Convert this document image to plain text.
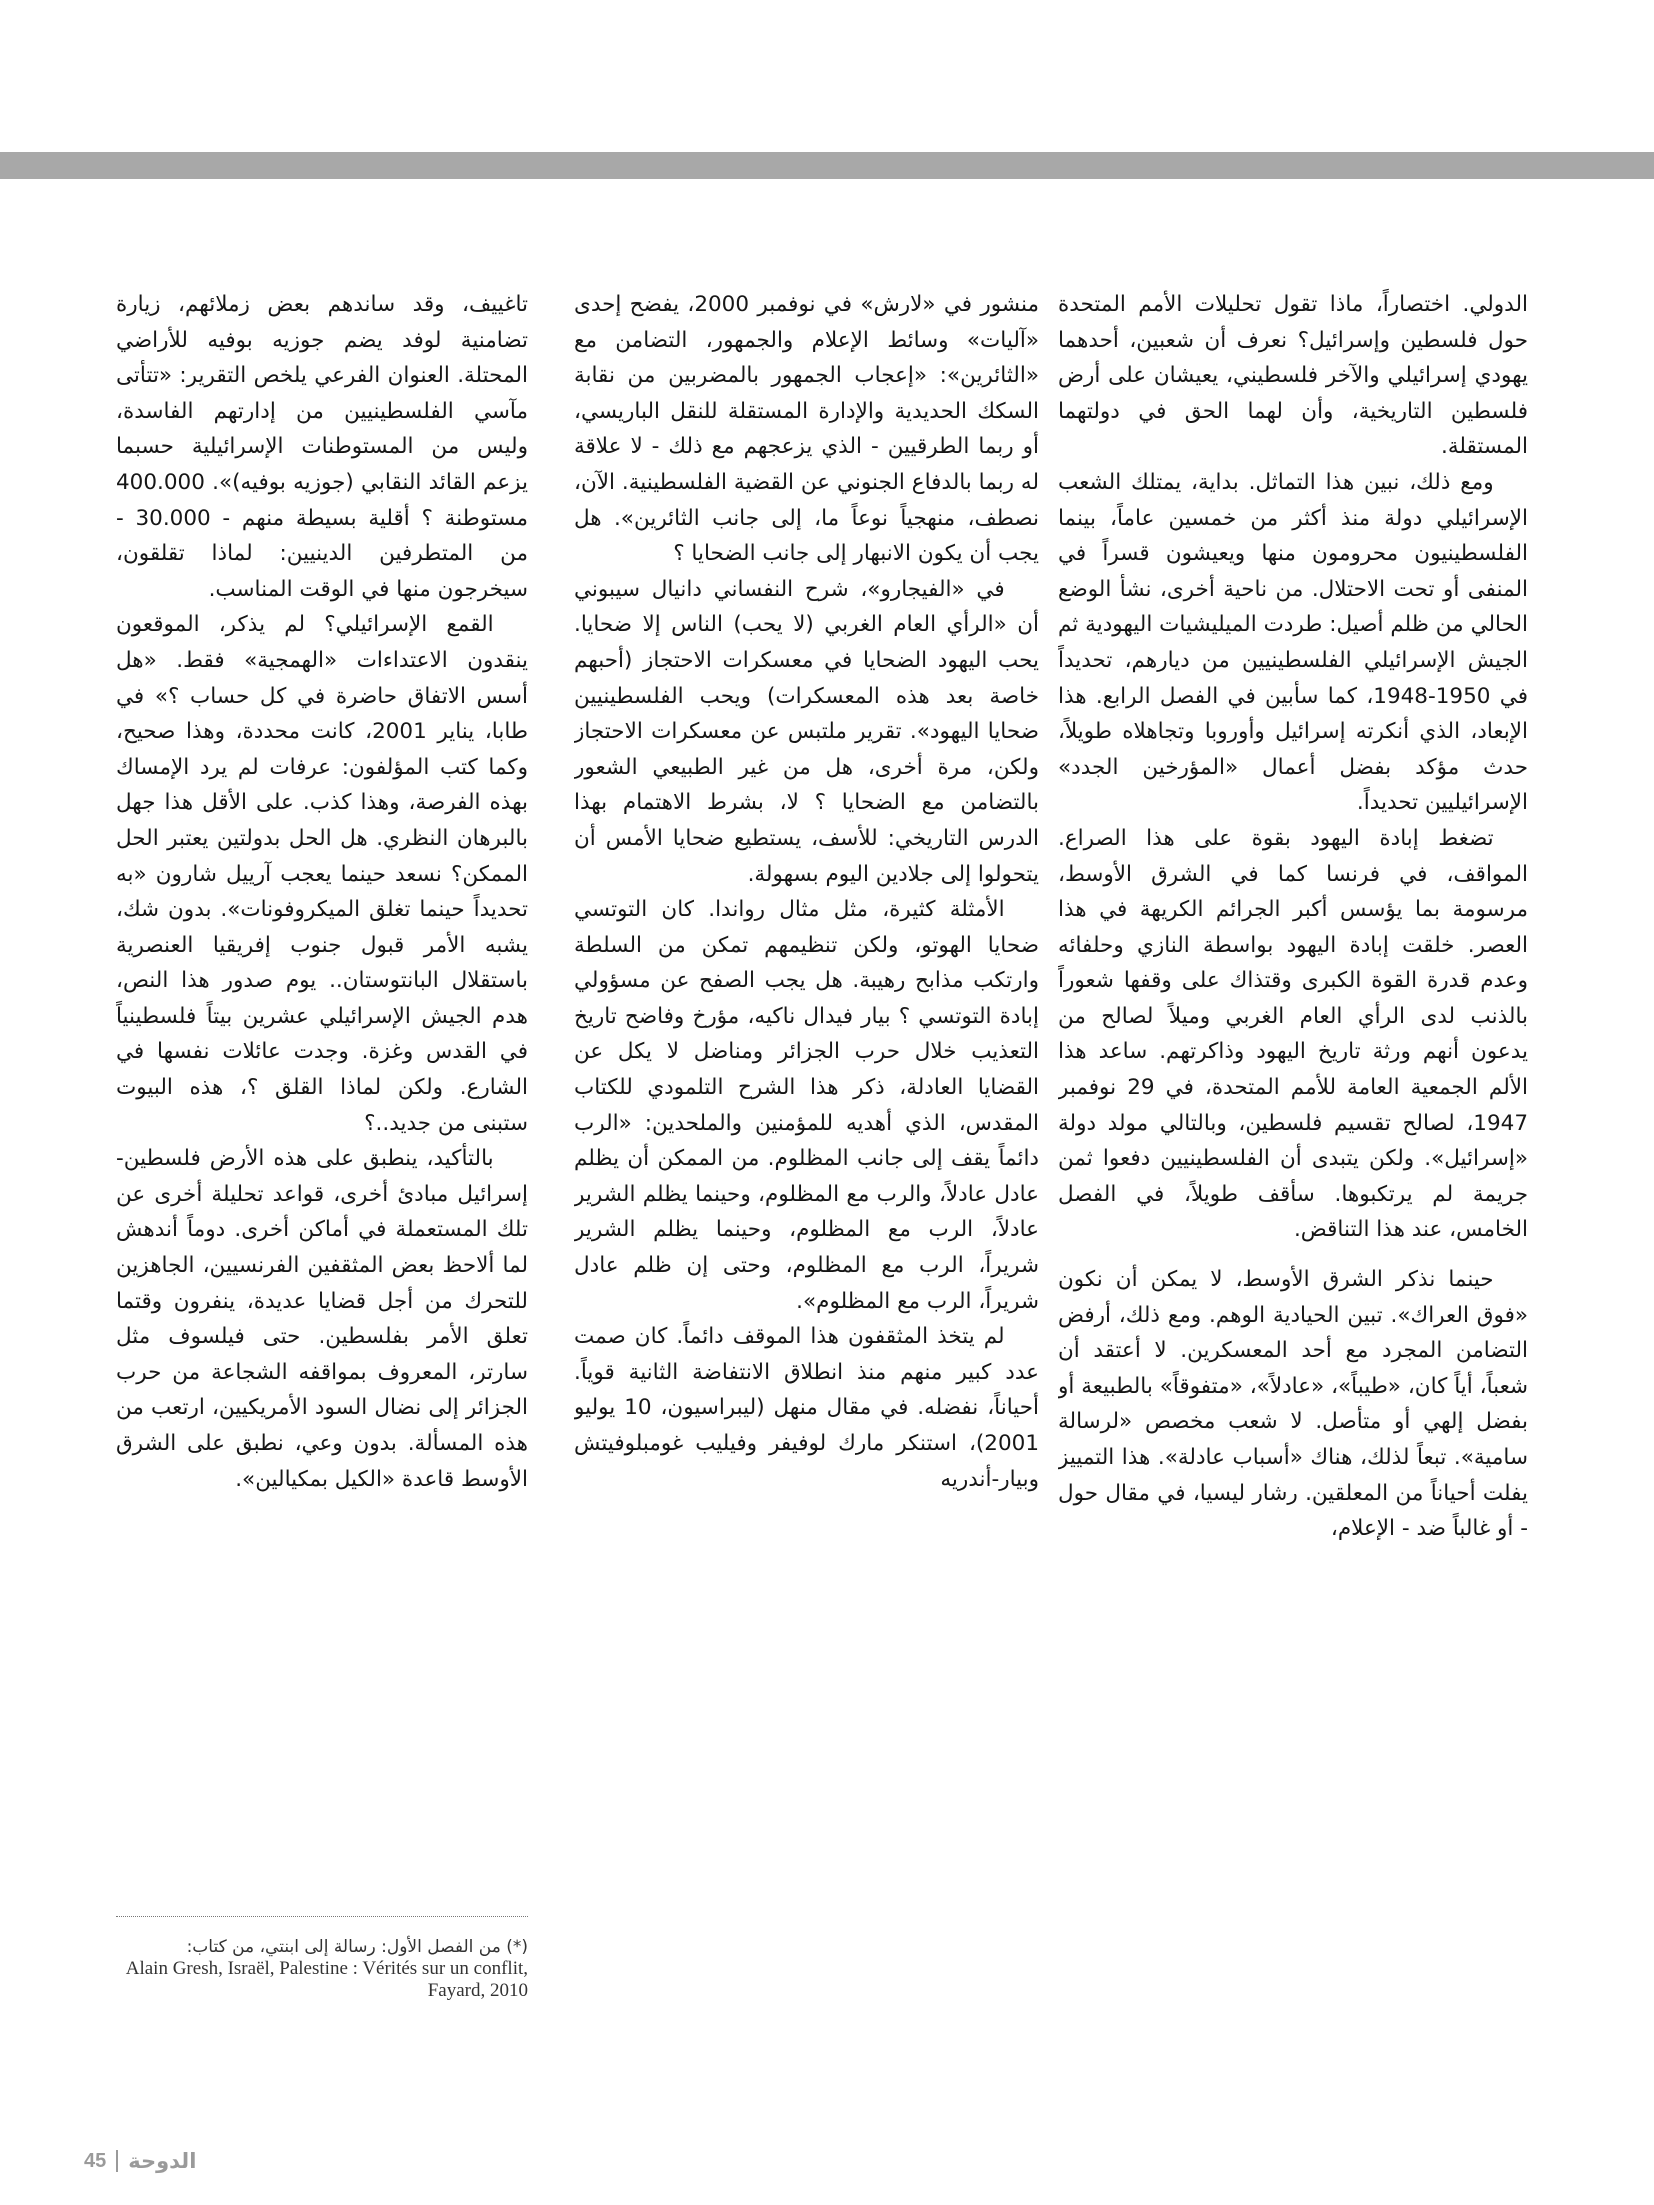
الدولي. اختصاراً، ماذا تقول تحليلات الأمم المتحدة حول فلسطين وإسرائيل؟ نعرف أن شعبين، أحدهما يهودي إسرائيلي والآخر فلسطيني، يعيشان على أرض فلسطين التاريخية، وأن لهما الحق في دولتهما المستقلة.

ومع ذلك، نبين هذا التماثل. بداية، يمتلك الشعب الإسرائيلي دولة منذ أكثر من خمسين عاماً، بينما الفلسطينيون محرومون منها ويعيشون قسراً في المنفى أو تحت الاحتلال. من ناحية أخرى، نشأ الوضع الحالي من ظلم أصيل: طردت الميليشيات اليهودية ثم الجيش الإسرائيلي الفلسطينيين من ديارهم، تحديداً في 1950-1948، كما سأبين في الفصل الرابع. هذا الإبعاد، الذي أنكرته إسرائيل وأوروبا وتجاهلاه طويلاً، حدث مؤكد بفضل أعمال «المؤرخين الجدد» الإسرائيليين تحديداً.

تضغط إبادة اليهود بقوة على هذا الصراع. المواقف، في فرنسا كما في الشرق الأوسط، مرسومة بما يؤسس أكبر الجرائم الكريهة في هذا العصر. خلقت إبادة اليهود بواسطة النازي وحلفائه وعدم قدرة القوة الكبرى وقتذاك على وقفها شعوراً بالذنب لدى الرأي العام الغربي وميلاً لصالح من يدعون أنهم ورثة تاريخ اليهود وذاكرتهم. ساعد هذا الألم الجمعية العامة للأمم المتحدة، في 29 نوفمبر 1947، لصالح تقسيم فلسطين، وبالتالي مولد دولة «إسرائيل». ولكن يتبدى أن الفلسطينيين دفعوا ثمن جريمة لم يرتكبوها. سأقف طويلاً، في الفصل الخامس، عند هذا التناقض.

حينما نذكر الشرق الأوسط، لا يمكن أن نكون «فوق العراك». تبين الحيادية الوهم. ومع ذلك، أرفض التضامن المجرد مع أحد المعسكرين. لا أعتقد أن شعباً، أياً كان، «طيباً»، «عادلاً»، «متفوقاً» بالطبيعة أو بفضل إلهي أو متأصل. لا شعب مخصص «لرسالة سامية». تبعاً لذلك، هناك «أسباب عادلة». هذا التمييز يفلت أحياناً من المعلقين. رشار ليسيا، في مقال حول - أو غالباً ضد - الإعلام،

منشور في «لارش» في نوفمبر 2000، يفضح إحدى «آليات» وسائط الإعلام والجمهور، التضامن مع «الثائرين»: «إعجاب الجمهور بالمضربين من نقابة السكك الحديدية والإدارة المستقلة للنقل الباريسي، أو ربما الطرقيين - الذي يزعجهم مع ذلك - لا علاقة له ربما بالدفاع الجنوني عن القضية الفلسطينية. الآن، نصطف، منهجياً نوعاً ما، إلى جانب الثائرين». هل يجب أن يكون الانبهار إلى جانب الضحايا ؟

في «الفيجارو»، شرح النفساني دانيال سيبوني أن «الرأي العام الغربي (لا يحب) الناس إلا ضحايا. يحب اليهود الضحايا في معسكرات الاحتجاز (أحبهم خاصة بعد هذه المعسكرات) ويحب الفلسطينيين ضحايا اليهود». تقرير ملتبس عن معسكرات الاحتجاز ولكن، مرة أخرى، هل من غير الطبيعي الشعور بالتضامن مع الضحايا ؟ لا، بشرط الاهتمام بهذا الدرس التاريخي: للأسف، يستطيع ضحايا الأمس أن يتحولوا إلى جلادين اليوم بسهولة.

الأمثلة كثيرة، مثل مثال رواندا. كان التوتسي ضحايا الهوتو، ولكن تنظيمهم تمكن من السلطة وارتكب مذابح رهيبة. هل يجب الصفح عن مسؤولي إبادة التوتسي ؟ بيار فيدال ناكيه، مؤرخ وفاضح تاريخ التعذيب خلال حرب الجزائر ومناضل لا يكل عن القضايا العادلة، ذكر هذا الشرح التلمودي للكتاب المقدس، الذي أهديه للمؤمنين والملحدين: «الرب دائماً يقف إلى جانب المظلوم. من الممكن أن يظلم عادل عادلاً، والرب مع المظلوم، وحينما يظلم الشرير عادلاً، الرب مع المظلوم، وحينما يظلم الشرير شريراً، الرب مع المظلوم، وحتى إن ظلم عادل شريراً، الرب مع المظلوم».

لم يتخذ المثقفون هذا الموقف دائماً. كان صمت عدد كبير منهم منذ انطلاق الانتفاضة الثانية قوياً. أحياناً، نفضله. في مقال منهل (ليبراسيون، 10 يوليو 2001)، استنكر مارك لوفيفر وفيليب غومبلوفيتش وبيار-أندريه

تاغييف، وقد ساندهم بعض زملائهم، زيارة تضامنية لوفد يضم جوزيه بوفيه للأراضي المحتلة. العنوان الفرعي يلخص التقرير: «تتأتى مآسي الفلسطينيين من إدارتهم الفاسدة، وليس من المستوطنات الإسرائيلية حسبما يزعم القائد النقابي (جوزيه بوفيه)». 400.000 مستوطنة ؟ أقلية بسيطة منهم - 30.000 - من المتطرفين الدينيين: لماذا تقلقون، سيخرجون منها في الوقت المناسب.

القمع الإسرائيلي؟ لم يذكر، الموقعون ينقدون الاعتداءات «الهمجية» فقط. «هل أسس الاتفاق حاضرة في كل حساب ؟» في طابا، يناير 2001، كانت محددة، وهذا صحيح، وكما كتب المؤلفون: عرفات لم يرد الإمساك بهذه الفرصة، وهذا كذب. على الأقل هذا جهل بالبرهان النظري. هل الحل بدولتين يعتبر الحل الممكن؟ نسعد حينما يعجب آرييل شارون «به تحديداً حينما تغلق الميكروفونات». بدون شك، يشبه الأمر قبول جنوب إفريقيا العنصرية باستقلال البانتوستان.. يوم صدور هذا النص، هدم الجيش الإسرائيلي عشرين بيتاً فلسطينياً في القدس وغزة. وجدت عائلات نفسها في الشارع. ولكن لماذا القلق ؟، هذه البيوت ستبنى من جديد..؟

بالتأكيد، ينطبق على هذه الأرض فلسطين-إسرائيل مبادئ أخرى، قواعد تحليلة أخرى عن تلك المستعملة في أماكن أخرى. دوماً أندهش لما ألاحظ بعض المثقفين الفرنسيين، الجاهزين للتحرك من أجل قضايا عديدة، ينفرون وقتما تعلق الأمر بفلسطين. حتى فيلسوف مثل سارتر، المعروف بمواقفه الشجاعة من حرب الجزائر إلى نضال السود الأمريكيين، ارتعب من هذه المسألة. بدون وعي، نطبق على الشرق الأوسط قاعدة «الكيل بمكيالين».

(*) من الفصل الأول: رسالة إلى ابنتي، من كتاب:
Alain Gresh, Israël, Palestine : Vérités sur un conflit, Fayard, 2010
45 الدوحة
